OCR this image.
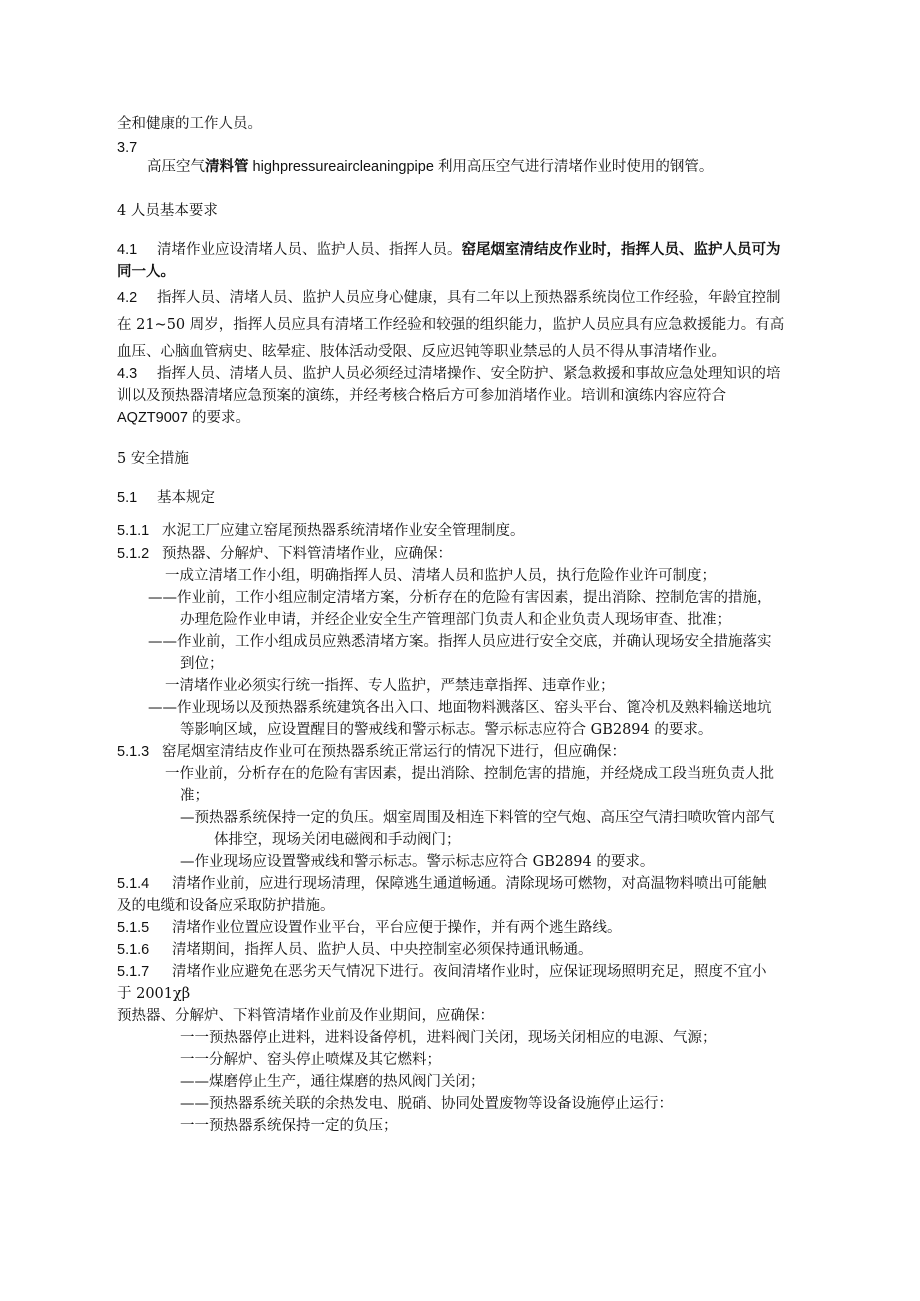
全和健康的工作人员。
3.7
高压空气清料管 highpressureaircleaningpipe 利用高压空气进行清堵作业时使用的钢管。
4 人员基本要求
4.1 清堵作业应设清堵人员、监护人员、指挥人员。窑尾烟室清结皮作业时，指挥人员、监护人员可为
同一人。
4.2 指挥人员、清堵人员、监护人员应身心健康，具有二年以上预热器系统岗位工作经验，年龄宜控制
在 21~50 周岁，指挥人员应具有清堵工作经验和较强的组织能力，监护人员应具有应急救援能力。有高
血压、心脑血管病史、眩晕症、肢体活动受限、反应迟钝等职业禁忌的人员不得从事清堵作业。
4.3 指挥人员、清堵人员、监护人员必须经过清堵操作、安全防护、紧急救援和事故应急处理知识的培
训以及预热器清堵应急预案的演练，并经考核合格后方可参加消堵作业。培训和演练内容应符合
AQZT9007 的要求。
5 安全措施
5.1 基本规定
5.1.1 水泥工厂应建立窑尾预热器系统清堵作业安全管理制度。
5.1.2 预热器、分解炉、下料管清堵作业，应确保：
一成立清堵工作小组，明确指挥人员、清堵人员和监护人员，执行危险作业许可制度；
——作业前，工作小组应制定清堵方案，分析存在的危险有害因素，提出消除、控制危害的措施，
办理危险作业申请，并经企业安全生产管理部门负责人和企业负责人现场审查、批准；
——作业前，工作小组成员应熟悉清堵方案。指挥人员应进行安全交底，并确认现场安全措施落实
到位；
一清堵作业必须实行统一指挥、专人监护，严禁违章指挥、违章作业；
——作业现场以及预热器系统建筑各出入口、地面物料溅落区、窑头平台、篦冷机及熟料输送地坑
等影响区域，应设置醒目的警戒线和警示标志。警示标志应符合 GB2894 的要求。
5.1.3 窑尾烟室清结皮作业可在预热器系统正常运行的情况下进行，但应确保：
一作业前，分析存在的危险有害因素，提出消除、控制危害的措施，并经烧成工段当班负责人批
准；
—预热器系统保持一定的负压。烟室周围及相连下料管的空气炮、高压空气清扫喷吹管内部气
体排空，现场关闭电磁阀和手动阀门；
—作业现场应设置警戒线和警示标志。警示标志应符合 GB2894 的要求。
5.1.4 清堵作业前，应进行现场清理，保障逃生通道畅通。清除现场可燃物，对高温物料喷出可能触
及的电缆和设备应采取防护措施。
5.1.5 清堵作业位置应设置作业平台，平台应便于操作，并有两个逃生路线。
5.1.6 清堵期间，指挥人员、监护人员、中央控制室必须保持通讯畅通。
5.1.7 清堵作业应避免在恶劣天气情况下进行。夜间清堵作业时，应保证现场照明充足，照度不宜小
于 2001χβ
预热器、分解炉、下料管清堵作业前及作业期间，应确保：
一一预热器停止进料，进料设备停机，进料阀门关闭，现场关闭相应的电源、气源；
一一分解炉、窑头停止喷煤及其它燃料；
——煤磨停止生产，通往煤磨的热风阀门关闭；
——预热器系统关联的余热发电、脱硝、协同处置废物等设备设施停止运行：
一一预热器系统保持一定的负压；
